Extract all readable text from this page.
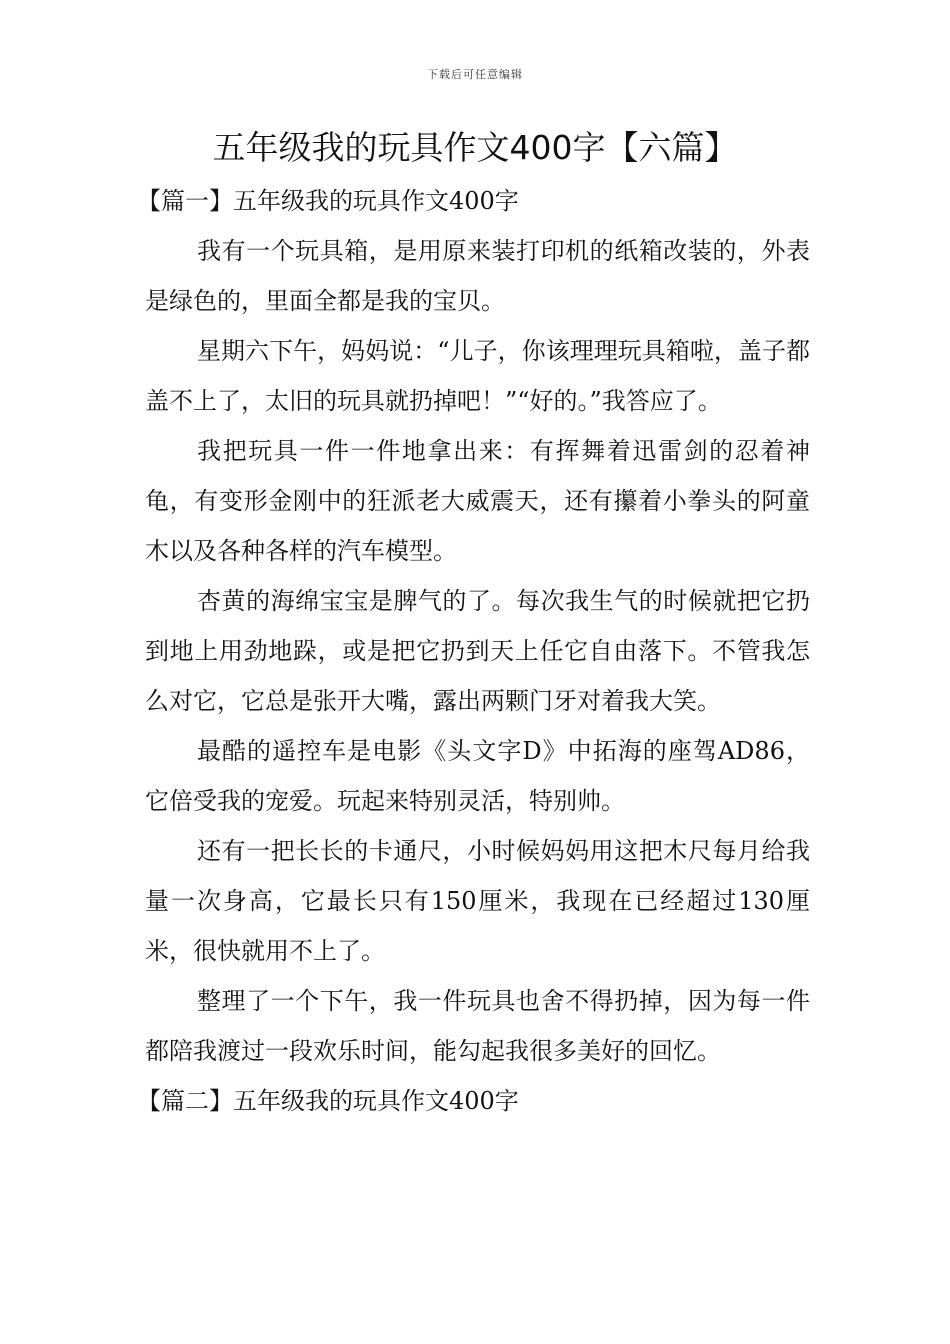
下载后可任意编辑
五年级我的玩具作文400字【六篇】

【篇一】五年级我的玩具作文400字

我有一个玩具箱，是用原来装打印机的纸箱改装的，外表是绿色的，里面全都是我的宝贝。

星期六下午，妈妈说：“儿子，你该理理玩具箱啦，盖子都盖不上了，太旧的玩具就扔掉吧！”“好的。”我答应了。

我把玩具一件一件地拿出来：有挥舞着迅雷剑的忍着神龟，有变形金刚中的狂派老大威震天，还有攥着小拳头的阿童木以及各种各样的汽车模型。

杏黄的海绵宝宝是脾气的了。每次我生气的时候就把它扔到地上用劲地跺，或是把它扔到天上任它自由落下。不管我怎么对它，它总是张开大嘴，露出两颗门牙对着我大笑。

最酷的遥控车是电影《头文字D》中拓海的座驾AD86，它倍受我的宠爱。玩起来特别灵活，特别帅。

还有一把长长的卡通尺，小时候妈妈用这把木尺每月给我量一次身高，它最长只有150厘米，我现在已经超过130厘米，很快就用不上了。

整理了一个下午，我一件玩具也舍不得扔掉，因为每一件都陪我渡过一段欢乐时间，能勾起我很多美好的回忆。

【篇二】五年级我的玩具作文400字
